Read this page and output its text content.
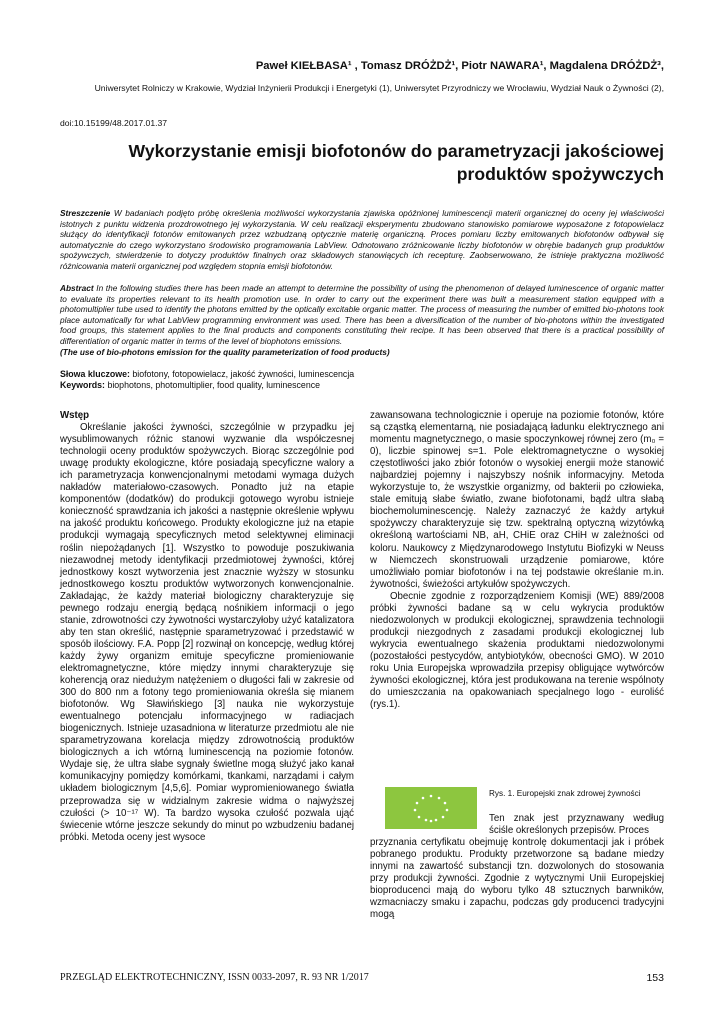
Paweł KIEŁBASA¹ , Tomasz DRÓŻDŻ¹, Piotr NAWARA¹, Magdalena DRÓŻDŻ³,
Uniwersytet Rolniczy w Krakowie, Wydział Inżynierii Produkcji i Energetyki (1), Uniwersytet Przyrodniczy we Wrocławiu, Wydział Nauk o Żywności (2),
doi:10.15199/48.2017.01.37
Wykorzystanie emisji biofotonów do parametryzacji jakościowej produktów spożywczych
Streszczenie W badaniach podjęto próbę określenia możliwości wykorzystania zjawiska opóźnionej luminescencji materii organicznej do oceny jej właściwości istotnych z punktu widzenia prozdrowotnego jej wykorzystania. W celu realizacji eksperymentu zbudowano stanowisko pomiarowe wyposażone z fotopowielacz służący do identyfikacji fotonów emitowanych przez wzbudzaną optycznie materię organiczną. Proces pomiaru liczby emitowanych biofotonów odbywał się automatycznie do czego wykorzystano środowisko programowania LabView. Odnotowano zróżnicowanie liczby biofotonów w obrębie badanych grup produktów spożywczych, stwierdzenie to dotyczy produktów finalnych oraz składowych stanowiących ich recepturę. Zaobserwowano, że istnieje praktyczna możliwość różnicowania materii organicznej pod względem stopnia emisji biofotonów.
Abstract In the following studies there has been made an attempt to determine the possibility of using the phenomenon of delayed luminescence of organic matter to evaluate its properties relevant to its health promotion use. In order to carry out the experiment there was built a measurement station equipped with a photomultiplier tube used to identify the photons emitted by the optically excitable organic matter. The process of measuring the number of emitted bio-photons took place automatically for what LabView programming environment was used. There has been a diversification of the number of bio-photons within the investigated food groups, this statement applies to the final products and components constituting their recipe. It has been observed that there is a practical possibility of differentiation of organic matter in terms of the level of biophotons emissions.
(The use of bio-photons emission for the quality parameterization of food products)
Słowa kluczowe: biofotony, fotopowielacz, jakość żywności, luminescencja
Keywords: biophotons, photomultiplier, food quality, luminescence

Wstęp

Określanie jakości żywności, szczególnie w przypadku jej wysublimowanych różnic stanowi wyzwanie dla współczesnej technologii oceny produktów spożywczych. Biorąc szczególnie pod uwagę produkty ekologiczne, które posiadają specyficzne walory a ich parametryzacja konwencjonalnymi metodami wymaga dużych nakładów materiałowo-czasowych. Ponadto już na etapie komponentów (dodatków) do produkcji gotowego wyrobu istnieje konieczność sprawdzania ich jakości a następnie określenie wpływu na jakość produktu końcowego. Produkty ekologiczne już na etapie produkcji wymagają specyficznych metod selektywnej eliminacji roślin niepożądanych [1]. Wszystko to powoduje poszukiwania niezawodnej metody identyfikacji przedmiotowej żywności, której jednostkowy koszt wytworzenia jest znacznie wyższy w stosunku jednostkowego kosztu produktów wytworzonych konwencjonalnie. Zakładając, że każdy materiał biologiczny charakteryzuje się pewnego rodzaju energią będącą nośnikiem informacji o jego stanie, zdrowotności czy żywotności wystarczyłoby użyć katalizatora aby ten stan określić, następnie sparametryzować i przedstawić w sposób ilościowy. F.A. Popp [2] rozwinął on koncepcję, według której każdy żywy organizm emituje specyficzne promieniowanie elektromagnetyczne, które między innymi charakteryzuje się koherencją oraz niedużym natężeniem o długości fali w zakresie od 300 do 800 nm a fotony tego promieniowania określa się mianem biofotonów. Wg Sławińskiego [3] nauka nie wykorzystuje ewentualnego potencjału informacyjnego w radiacjach biogenicznych. Istnieje uzasadniona w literaturze przedmiotu ale nie sparametryzowana korelacja między zdrowotnością produktów biologicznych a ich wtórną luminescencją na poziomie fotonów. Wydaje się, że ultra słabe sygnały świetlne mogą służyć jako kanał komunikacyjny pomiędzy komórkami, tkankami, narządami i całym układem biologicznym [4,5,6]. Pomiar wypromieniowanego światła przeprowadza się w widzialnym zakresie widma o najwyższej czułości (> 10⁻¹⁷ W). Ta bardzo wysoka czułość pozwala ująć świecenie wtórne jeszcze sekundy do minut po wzbudzeniu badanej próbki. Metoda oceny jest wysoce

zawansowana technologicznie i operuje na poziomie fotonów, które są cząstką elementarną, nie posiadającą ładunku elektrycznego ani momentu magnetycznego, o masie spoczynkowej równej zero (m₀ = 0), liczbie spinowej s=1. Pole elektromagnetyczne o wysokiej częstotliwości jako zbiór fotonów o wysokiej energii może stanowić najbardziej pojemny i najszybszy nośnik informacyjny. Metoda wykorzystuje to, że wszystkie organizmy, od bakterii po człowieka, stale emitują słabe światło, zwane biofotonami, bądź ultra słabą biochemoluminescencję. Należy zaznaczyć że każdy artykuł spożywczy charakteryzuje się tzw. spektralną optyczną wizytówką określoną wartościami NB, aH, CHiE oraz CHiH w zależności od koloru. Naukowcy z Międzynarodowego Instytutu Biofizyki w Neuss w Niemczech skonstruowali urządzenie pomiarowe, które umożliwiało pomiar biofotonów i na tej podstawie określanie m.in. żywotności, świeżości artykułów spożywczych.

Obecnie zgodnie z rozporządzeniem Komisji (WE) 889/2008 próbki żywności badane są w celu wykrycia produktów niedozwolonych w produkcji ekologicznej, sprawdzenia technologii produkcji niezgodnych z zasadami produkcji ekologicznej lub wykrycia ewentualnego skażenia produktami niedozwolonymi (pozostałości pestycydów, antybiotyków, obecności GMO). W 2010 roku Unia Europejska wprowadziła przepisy obligujące wytwórców żywności ekologicznej, która jest produkowana na terenie wspólnoty do umieszczania na opakowaniach specjalnego logo - euroliść (rys.1).

Rys. 1. Europejski znak zdrowej żywności

Ten znak jest przyznawany według ściśle określonych przepisów. Proces

przyznania certyfikatu obejmuję kontrolę dokumentacji jak i próbek pobranego produktu. Produkty przetworzone są badane miedzy innymi na zawartość substancji tzn. dozwolonych do stosowania przy produkcji żywności. Zgodnie z wytycznymi Unii Europejskiej bioproducenci mają do wyboru tylko 48 sztucznych barwników, wzmacniaczy smaku i zapachu, podczas gdy producenci tradycyjni mogą

PRZEGLĄD ELEKTROTECHNICZNY, ISSN 0033-2097, R. 93 NR 1/2017	153
